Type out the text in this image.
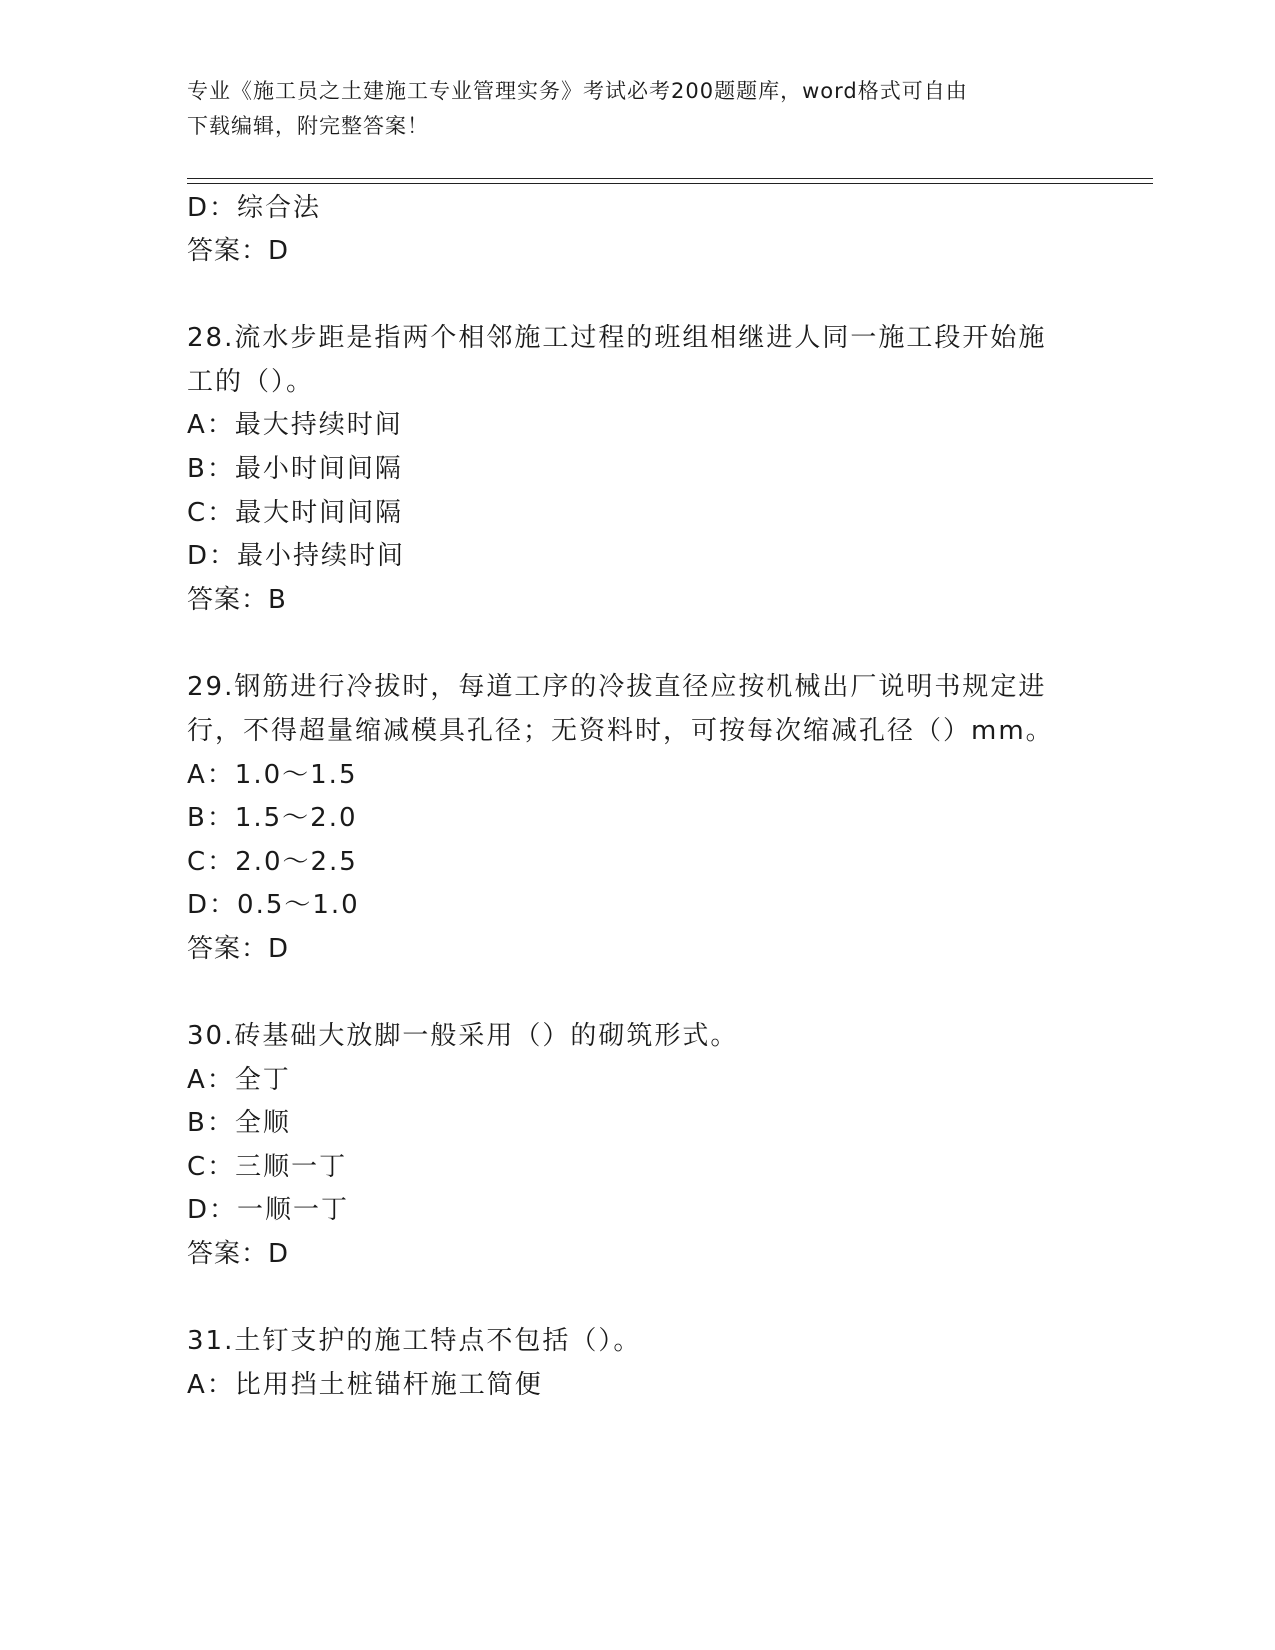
专业《施工员之土建施工专业管理实务》考试必考200题题库，word格式可自由
下载编辑，附完整答案！
D：综合法
答案：D
28.流水步距是指两个相邻施工过程的班组相继进人同一施工段开始施
工的（）。
A：最大持续时间
B：最小时间间隔
C：最大时间间隔
D：最小持续时间
答案：B
29.钢筋进行冷拔时，每道工序的冷拔直径应按机械出厂说明书规定进
行，不得超量缩减模具孔径；无资料时，可按每次缩减孔径（）mm。
A：1.0～1.5
B：1.5～2.0
C：2.0～2.5
D：0.5～1.0
答案：D
30.砖基础大放脚一般采用（）的砌筑形式。
A：全丁
B：全顺
C：三顺一丁
D：一顺一丁
答案：D
31.土钉支护的施工特点不包括（）。
A：比用挡土桩锚杆施工简便
